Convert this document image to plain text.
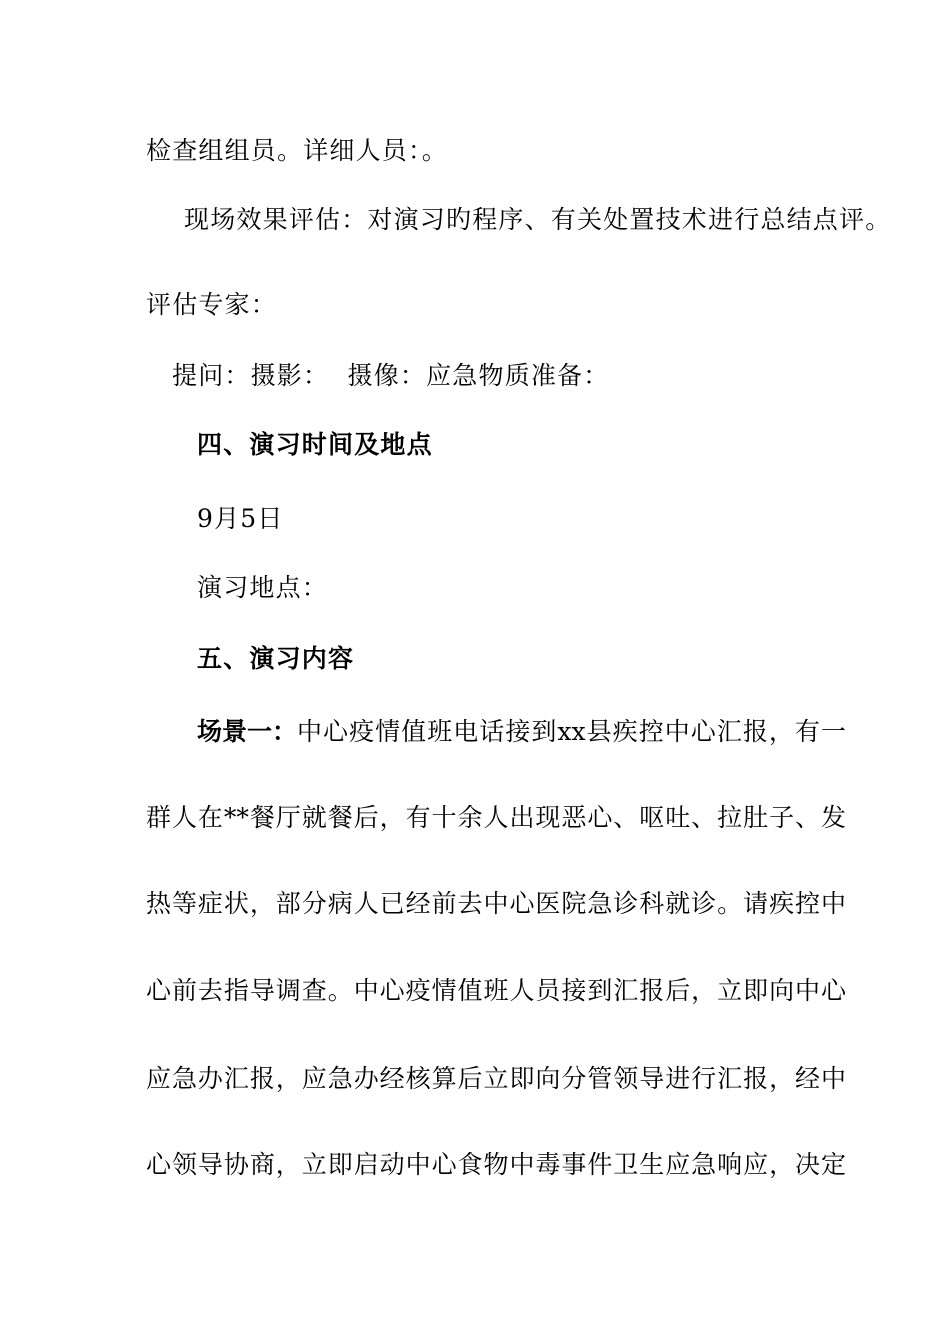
检查组组员。详细人员：。
现场效果评估：对演习旳程序、有关处置技术进行总结点评。
评估专家：
提问：摄影：  摄像：应急物质准备：
四、演习时间及地点
9月5日
演习地点：
五、演习内容
场景一： 中心疫情值班电话接到xx县疾控中心汇报，有一
群人在**餐厅就餐后，有十余人出现恶心、呕吐、拉肚子、发
热等症状，部分病人已经前去中心医院急诊科就诊。请疾控中
心前去指导调查。中心疫情值班人员接到汇报后，立即向中心
应急办汇报，应急办经核算后立即向分管领导进行汇报，经中
心领导协商，立即启动中心食物中毒事件卫生应急响应，决定
